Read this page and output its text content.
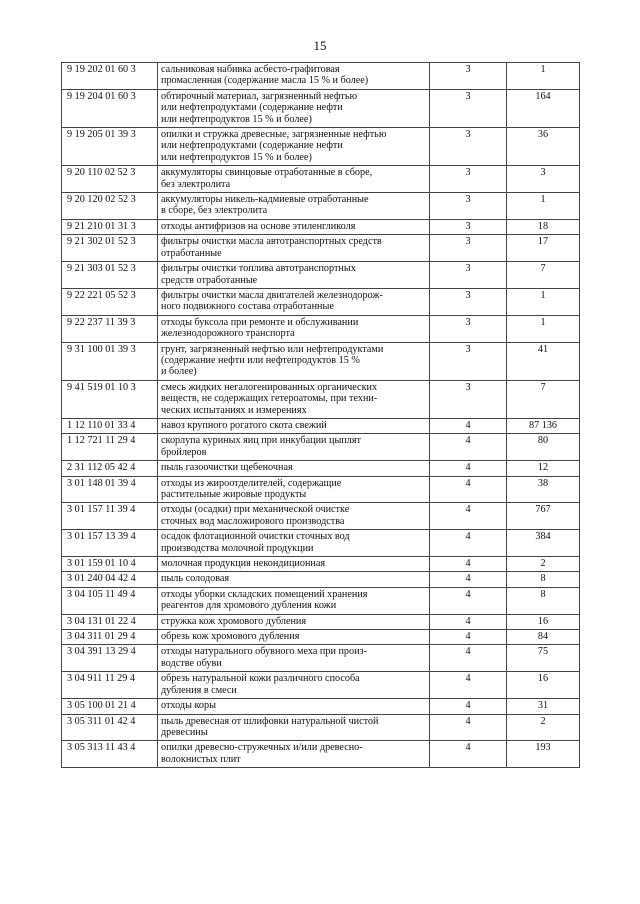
15
9 19 202 01 60 3	сальниковая набивка асбесто-графитовая
промасленная (содержание масла 15 % и более)	3	1
9 19 204 01 60 3	обтирочный материал, загрязненный нефтью
или нефтепродуктами (содержание нефти
или нефтепродуктов 15 % и более)	3	164
9 19 205 01 39 3	опилки и стружка древесные, загрязненные нефтью
или нефтепродуктами (содержание нефти
или нефтепродуктов 15 % и более)	3	36
9 20 110 02 52 3	аккумуляторы свинцовые отработанные в сборе,
без электролита	3	3
9 20 120 02 52 3	аккумуляторы никель-кадмиевые отработанные
в сборе, без электролита	3	1
9 21 210 01 31 3	отходы антифризов на основе этиленгликоля	3	18
9 21 302 01 52 3	фильтры очистки масла автотранспортных средств
отработанные	3	17
9 21 303 01 52 3	фильтры очистки топлива автотранспортных
средств отработанные	3	7
9 22 221 05 52 3	фильтры очистки масла двигателей железнодорож-
ного подвижного состава отработанные	3	1
9 22 237 11 39 3	отходы буксола при ремонте и обслуживании
железнодорожного транспорта	3	1
9 31 100 01 39 3	грунт, загрязненный нефтью или нефтепродуктами
(содержание нефти или нефтепродуктов 15 %
и более)	3	41
9 41 519 01 10 3	смесь жидких негалогенированных органических
веществ, не содержащих гетероатомы, при техни-
ческих испытаниях и измерениях	3	7
1 12 110 01 33 4	навоз крупного рогатого скота свежий	4	87 136
1 12 721 11 29 4	скорлупа куриных яиц при инкубации цыплят
бройлеров	4	80
2 31 112 05 42 4	пыль газоочистки щебеночная	4	12
3 01 148 01 39 4	отходы из жироотделителей, содержащие
растительные жировые продукты	4	38
3 01 157 11 39 4	отходы (осадки) при механической очистке
сточных вод масложирового производства	4	767
3 01 157 13 39 4	осадок флотационной очистки сточных вод
производства молочной продукции	4	384
3 01 159 01 10 4	молочная продукция некондиционная	4	2
3 01 240 04 42 4	пыль солодовая	4	8
3 04 105 11 49 4	отходы уборки складских помещений хранения
реагентов для хромового дубления кожи	4	8
3 04 131 01 22 4	стружка кож хромового дубления	4	16
3 04 311 01 29 4	обрезь кож хромового дубления	4	84
3 04 391 13 29 4	отходы натурального обувного меха при произ-
водстве обуви	4	75
3 04 911 11 29 4	обрезь натуральной кожи различного способа
дубления в смеси	4	16
3 05 100 01 21 4	отходы коры	4	31
3 05 311 01 42 4	пыль древесная от шлифовки натуральной чистой
древесины	4	2
3 05 313 11 43 4	опилки древесно-стружечных и/или древесно-
волокнистых плит	4	193
